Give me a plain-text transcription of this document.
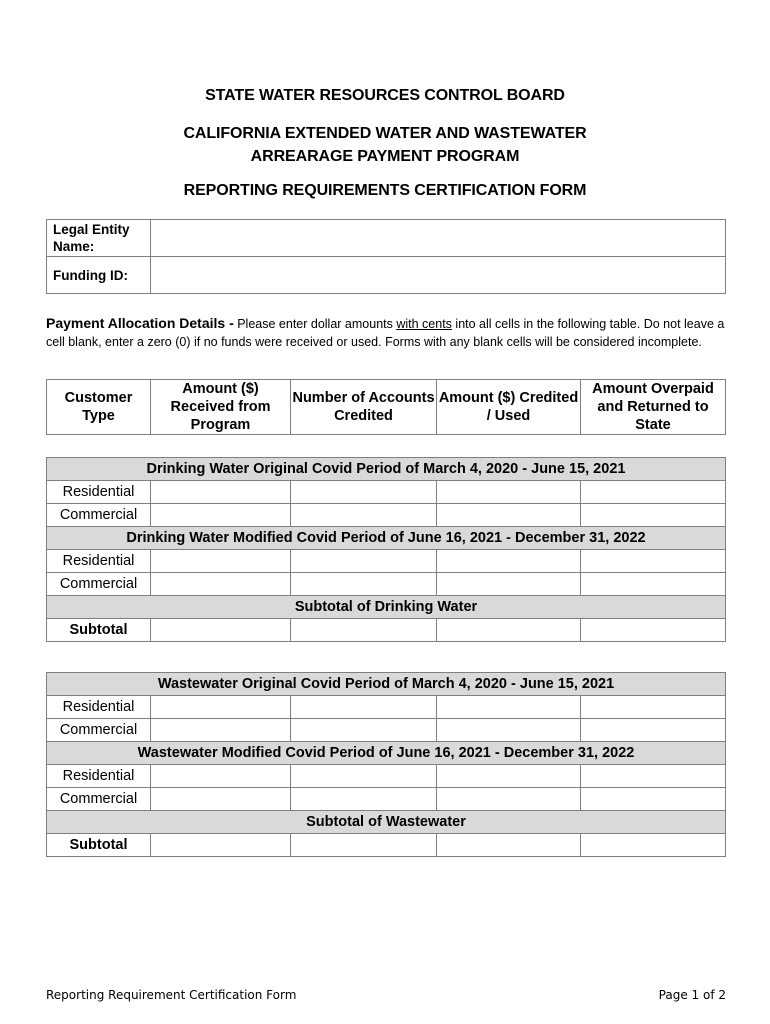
STATE WATER RESOURCES CONTROL BOARD
CALIFORNIA EXTENDED WATER AND WASTEWATER
ARREARAGE PAYMENT PROGRAM
REPORTING REQUIREMENTS CERTIFICATION FORM
Legal Entity Name:	
Funding ID:	
Payment Allocation Details - Please enter dollar amounts with cents into all cells in the following table. Do not leave a cell blank, enter a zero (0) if no funds were received or used. Forms with any blank cells will be considered incomplete.
Customer Type	Amount ($) Received from Program	Number of Accounts Credited	Amount ($) Credited / Used	Amount Overpaid and Returned to State
Drinking Water Original Covid Period of March 4, 2020 - June 15, 2021				
Residential				
Commercial				
Drinking Water Modified Covid Period of June 16, 2021 - December 31, 2022				
Residential				
Commercial				
Subtotal of Drinking Water				
Subtotal				
Wastewater Original Covid Period of March 4, 2020 - June 15, 2021				
Residential				
Commercial				
Wastewater Modified Covid Period of June 16, 2021 - December 31, 2022				
Residential				
Commercial				
Subtotal of Wastewater				
Subtotal				
Reporting Requirement Certification Form	Page 1 of 2
